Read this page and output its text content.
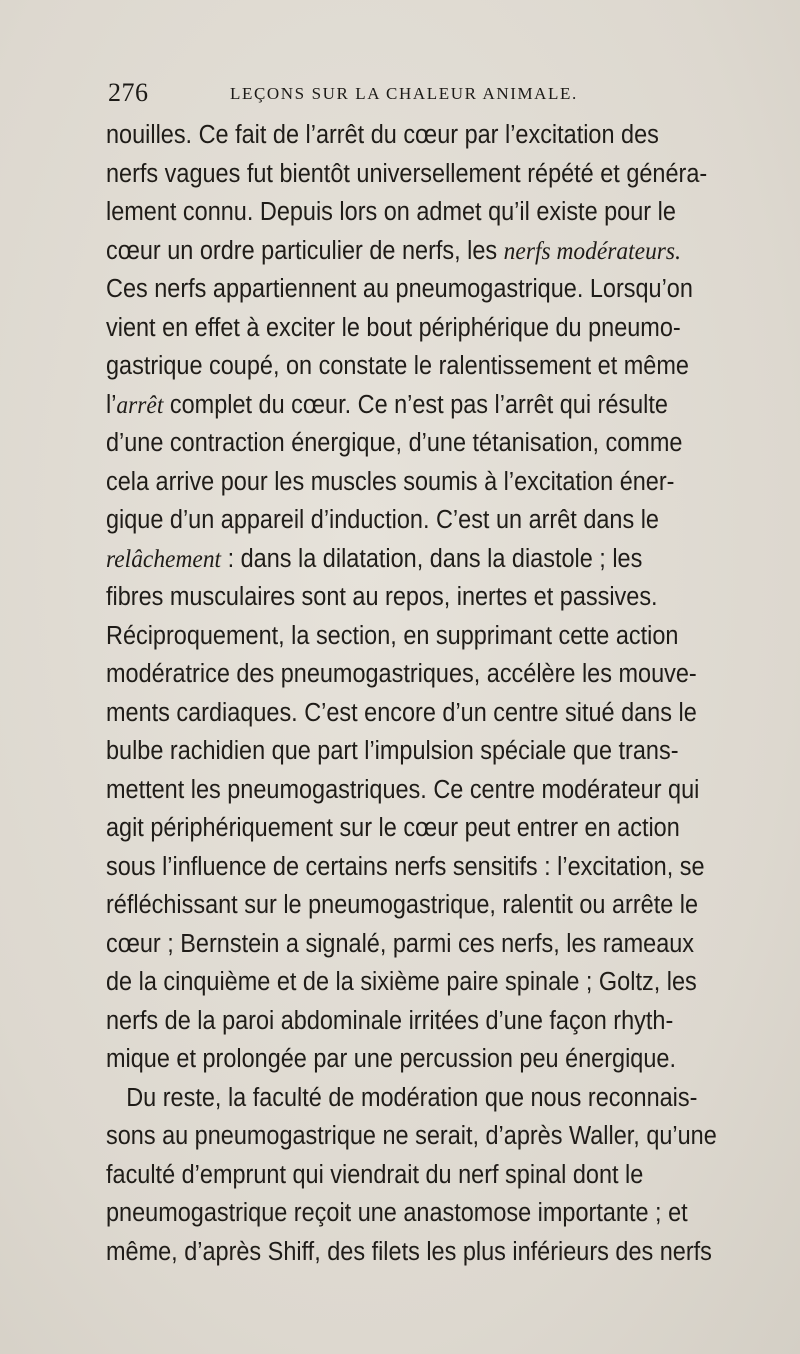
276	LEÇONS SUR LA CHALEUR ANIMALE.
nouilles. Ce fait de l’arrêt du cœur par l’excitation des
nerfs vagues fut bientôt universellement répété et généra-
lement connu. Depuis lors on admet qu’il existe pour le
cœur un ordre particulier de nerfs, les nerfs modérateurs.
Ces nerfs appartiennent au pneumogastrique. Lorsqu’on
vient en effet à exciter le bout périphérique du pneumo-
gastrique coupé, on constate le ralentissement et même
l’arrêt complet du cœur. Ce n’est pas l’arrêt qui résulte
d’une contraction énergique, d’une tétanisation, comme
cela arrive pour les muscles soumis à l’excitation éner-
gique d’un appareil d’induction. C’est un arrêt dans le
relâchement : dans la dilatation, dans la diastole ; les
fibres musculaires sont au repos, inertes et passives.
Réciproquement, la section, en supprimant cette action
modératrice des pneumogastriques, accélère les mouve-
ments cardiaques. C’est encore d’un centre situé dans le
bulbe rachidien que part l’impulsion spéciale que trans-
mettent les pneumogastriques. Ce centre modérateur qui
agit périphériquement sur le cœur peut entrer en action
sous l’influence de certains nerfs sensitifs : l’excitation, se
réfléchissant sur le pneumogastrique, ralentit ou arrête le
cœur ; Bernstein a signalé, parmi ces nerfs, les rameaux
de la cinquième et de la sixième paire spinale ; Goltz, les
nerfs de la paroi abdominale irritées d’une façon rhyth-
mique et prolongée par une percussion peu énergique.
Du reste, la faculté de modération que nous reconnais-
sons au pneumogastrique ne serait, d’après Waller, qu’une
faculté d’emprunt qui viendrait du nerf spinal dont le
pneumogastrique reçoit une anastomose importante ; et
même, d’après Shiff, des filets les plus inférieurs des nerfs
